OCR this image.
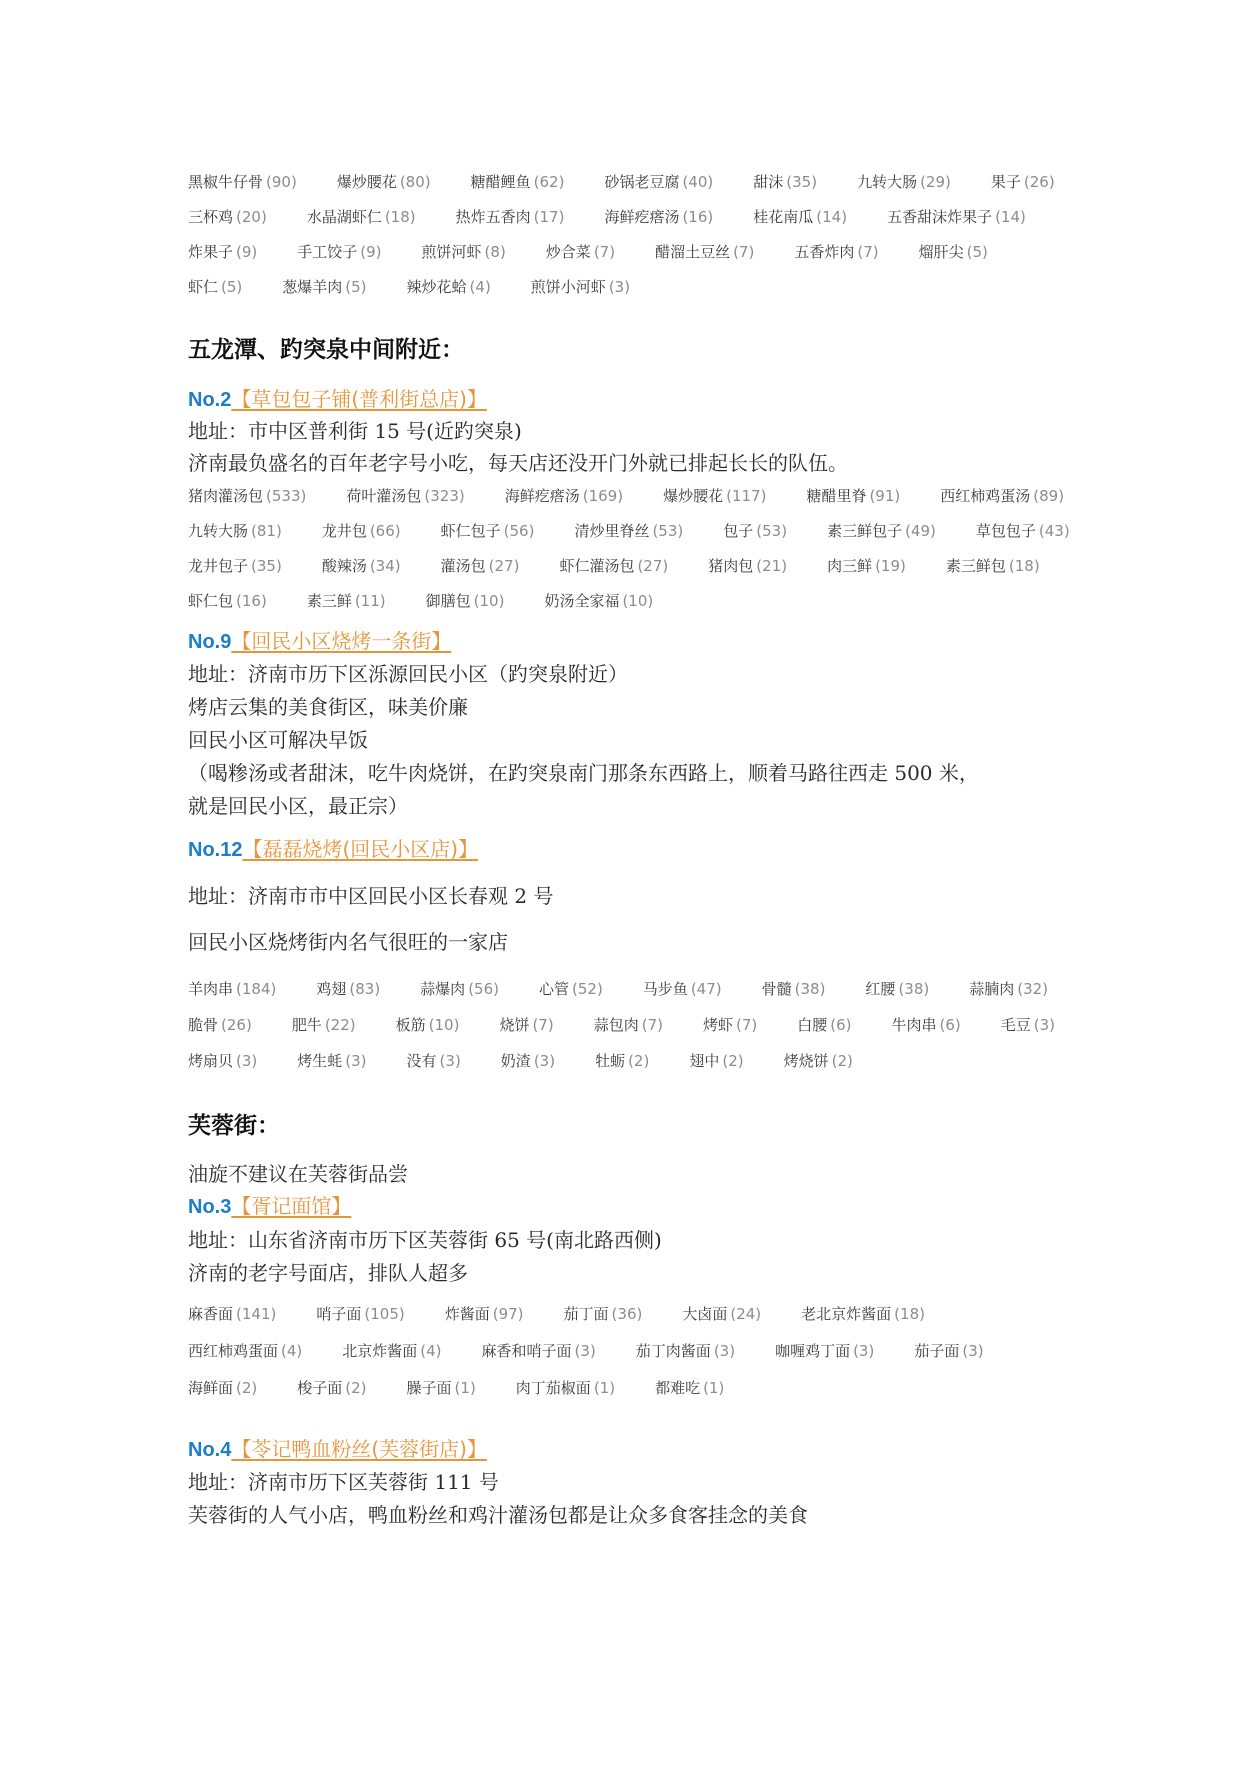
黑椒牛仔骨 (90)	爆炒腰花 (80)	糖醋鲤鱼 (62)	砂锅老豆腐 (40)	甜沫 (35)	九转大肠 (29)	果子 (26)
三杯鸡 (20)	水晶湖虾仁 (18)	热炸五香肉 (17)	海鲜疙瘩汤 (16)	桂花南瓜 (14)	五香甜沫炸果子 (14)
炸果子 (9)	手工饺子 (9)	煎饼河虾 (8)	炒合菜 (7)	醋溜土豆丝 (7)	五香炸肉 (7)	熘肝尖 (5)
虾仁 (5)	葱爆羊肉 (5)	辣炒花蛤 (4)	煎饼小河虾 (3)
五龙潭、趵突泉中间附近：
No.2【草包包子铺(普利街总店)】
地址：市中区普利街 15 号(近趵突泉)
济南最负盛名的百年老字号小吃，每天店还没开门外就已排起长长的队伍。
猪肉灌汤包 (533)	荷叶灌汤包 (323)	海鲜疙瘩汤 (169)	爆炒腰花 (117)	糖醋里脊 (91)	西红柿鸡蛋汤 (89)
九转大肠 (81)	龙井包 (66)	虾仁包子 (56)	清炒里脊丝 (53)	包子 (53)	素三鲜包子 (49)	草包包子 (43)
龙井包子 (35)	酸辣汤 (34)	灌汤包 (27)	虾仁灌汤包 (27)	猪肉包 (21)	肉三鲜 (19)	素三鲜包 (18)
虾仁包 (16)	素三鲜 (11)	御膳包 (10)	奶汤全家福 (10)
No.9【回民小区烧烤一条街】
地址：济南市历下区泺源回民小区（趵突泉附近）
烤店云集的美食街区，味美价廉
回民小区可解决早饭
（喝糁汤或者甜沫，吃牛肉烧饼，在趵突泉南门那条东西路上，顺着马路往西走 500 米，
就是回民小区，最正宗）
No.12【磊磊烧烤(回民小区店)】
地址：济南市市中区回民小区长春观 2 号
回民小区烧烤街内名气很旺的一家店
羊肉串 (184)	鸡翅 (83)	蒜爆肉 (56)	心管 (52)	马步鱼 (47)	骨髓 (38)	红腰 (38)	蒜腩肉 (32)
脆骨 (26)	肥牛 (22)	板筋 (10)	烧饼 (7)	蒜包肉 (7)	烤虾 (7)	白腰 (6)	牛肉串 (6)	毛豆 (3)
烤扇贝 (3)	烤生蚝 (3)	没有 (3)	奶渣 (3)	牡蛎 (2)	翅中 (2)	烤烧饼 (2)
芙蓉街：
油旋不建议在芙蓉街品尝
No.3【胥记面馆】
地址：山东省济南市历下区芙蓉街 65 号(南北路西侧)
济南的老字号面店，排队人超多
麻香面 (141)	哨子面 (105)	炸酱面 (97)	茄丁面 (36)	大卤面 (24)	老北京炸酱面 (18)
西红柿鸡蛋面 (4)	北京炸酱面 (4)	麻香和哨子面 (3)	茄丁肉酱面 (3)	咖喱鸡丁面 (3)	茄子面 (3)
海鲜面 (2)	梭子面 (2)	臊子面 (1)	肉丁茄椒面 (1)	都难吃 (1)
No.4【苓记鸭血粉丝(芙蓉街店)】
地址：济南市历下区芙蓉街 111 号
芙蓉街的人气小店，鸭血粉丝和鸡汁灌汤包都是让众多食客挂念的美食
